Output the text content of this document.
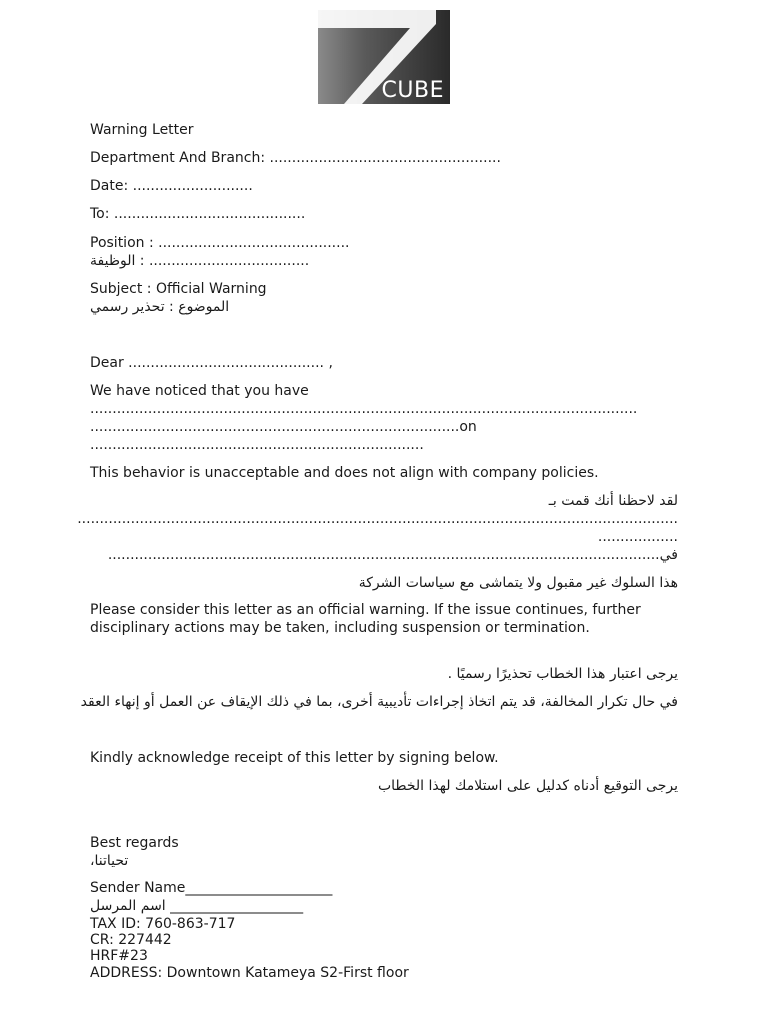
CUBE
Warning Letter
Department And Branch: ....................................................
Date: ...........................
To: ...........................................
Position : ...........................................
.................................... : الوظيفة
Subject : Official Warning
الموضوع : تحذير رسمي
Dear ............................................ ,
We have noticed that you have
...........................................................................................................................
...................................................................................on
...........................................................................
This behavior is unacceptable and does not align with company policies.
لقد لاحظنا أنك قمت بـ
.......................................................................................................................................
..................
في............................................................................................................................
هذا السلوك غير مقبول ولا يتماشى مع سياسات الشركة
Please consider this letter as an official warning. If the issue continues, further disciplinary actions may be taken, including suspension or termination.
يرجى اعتبار هذا الخطاب تحذيرًا رسميًا .
في حال تكرار المخالفة، قد يتم اتخاذ إجراءات تأديبية أخرى، بما في ذلك الإيقاف عن العمل أو إنهاء العقد
Kindly acknowledge receipt of this letter by signing below.
يرجى التوقيع أدناه كدليل على استلامك لهذا الخطاب
Best regards
تحياتنا،
Sender Name_____________________
___________________ اسم المرسل
TAX ID: 760-863-717
CR: 227442
HRF#23
ADDRESS: Downtown Katameya S2-First floor
